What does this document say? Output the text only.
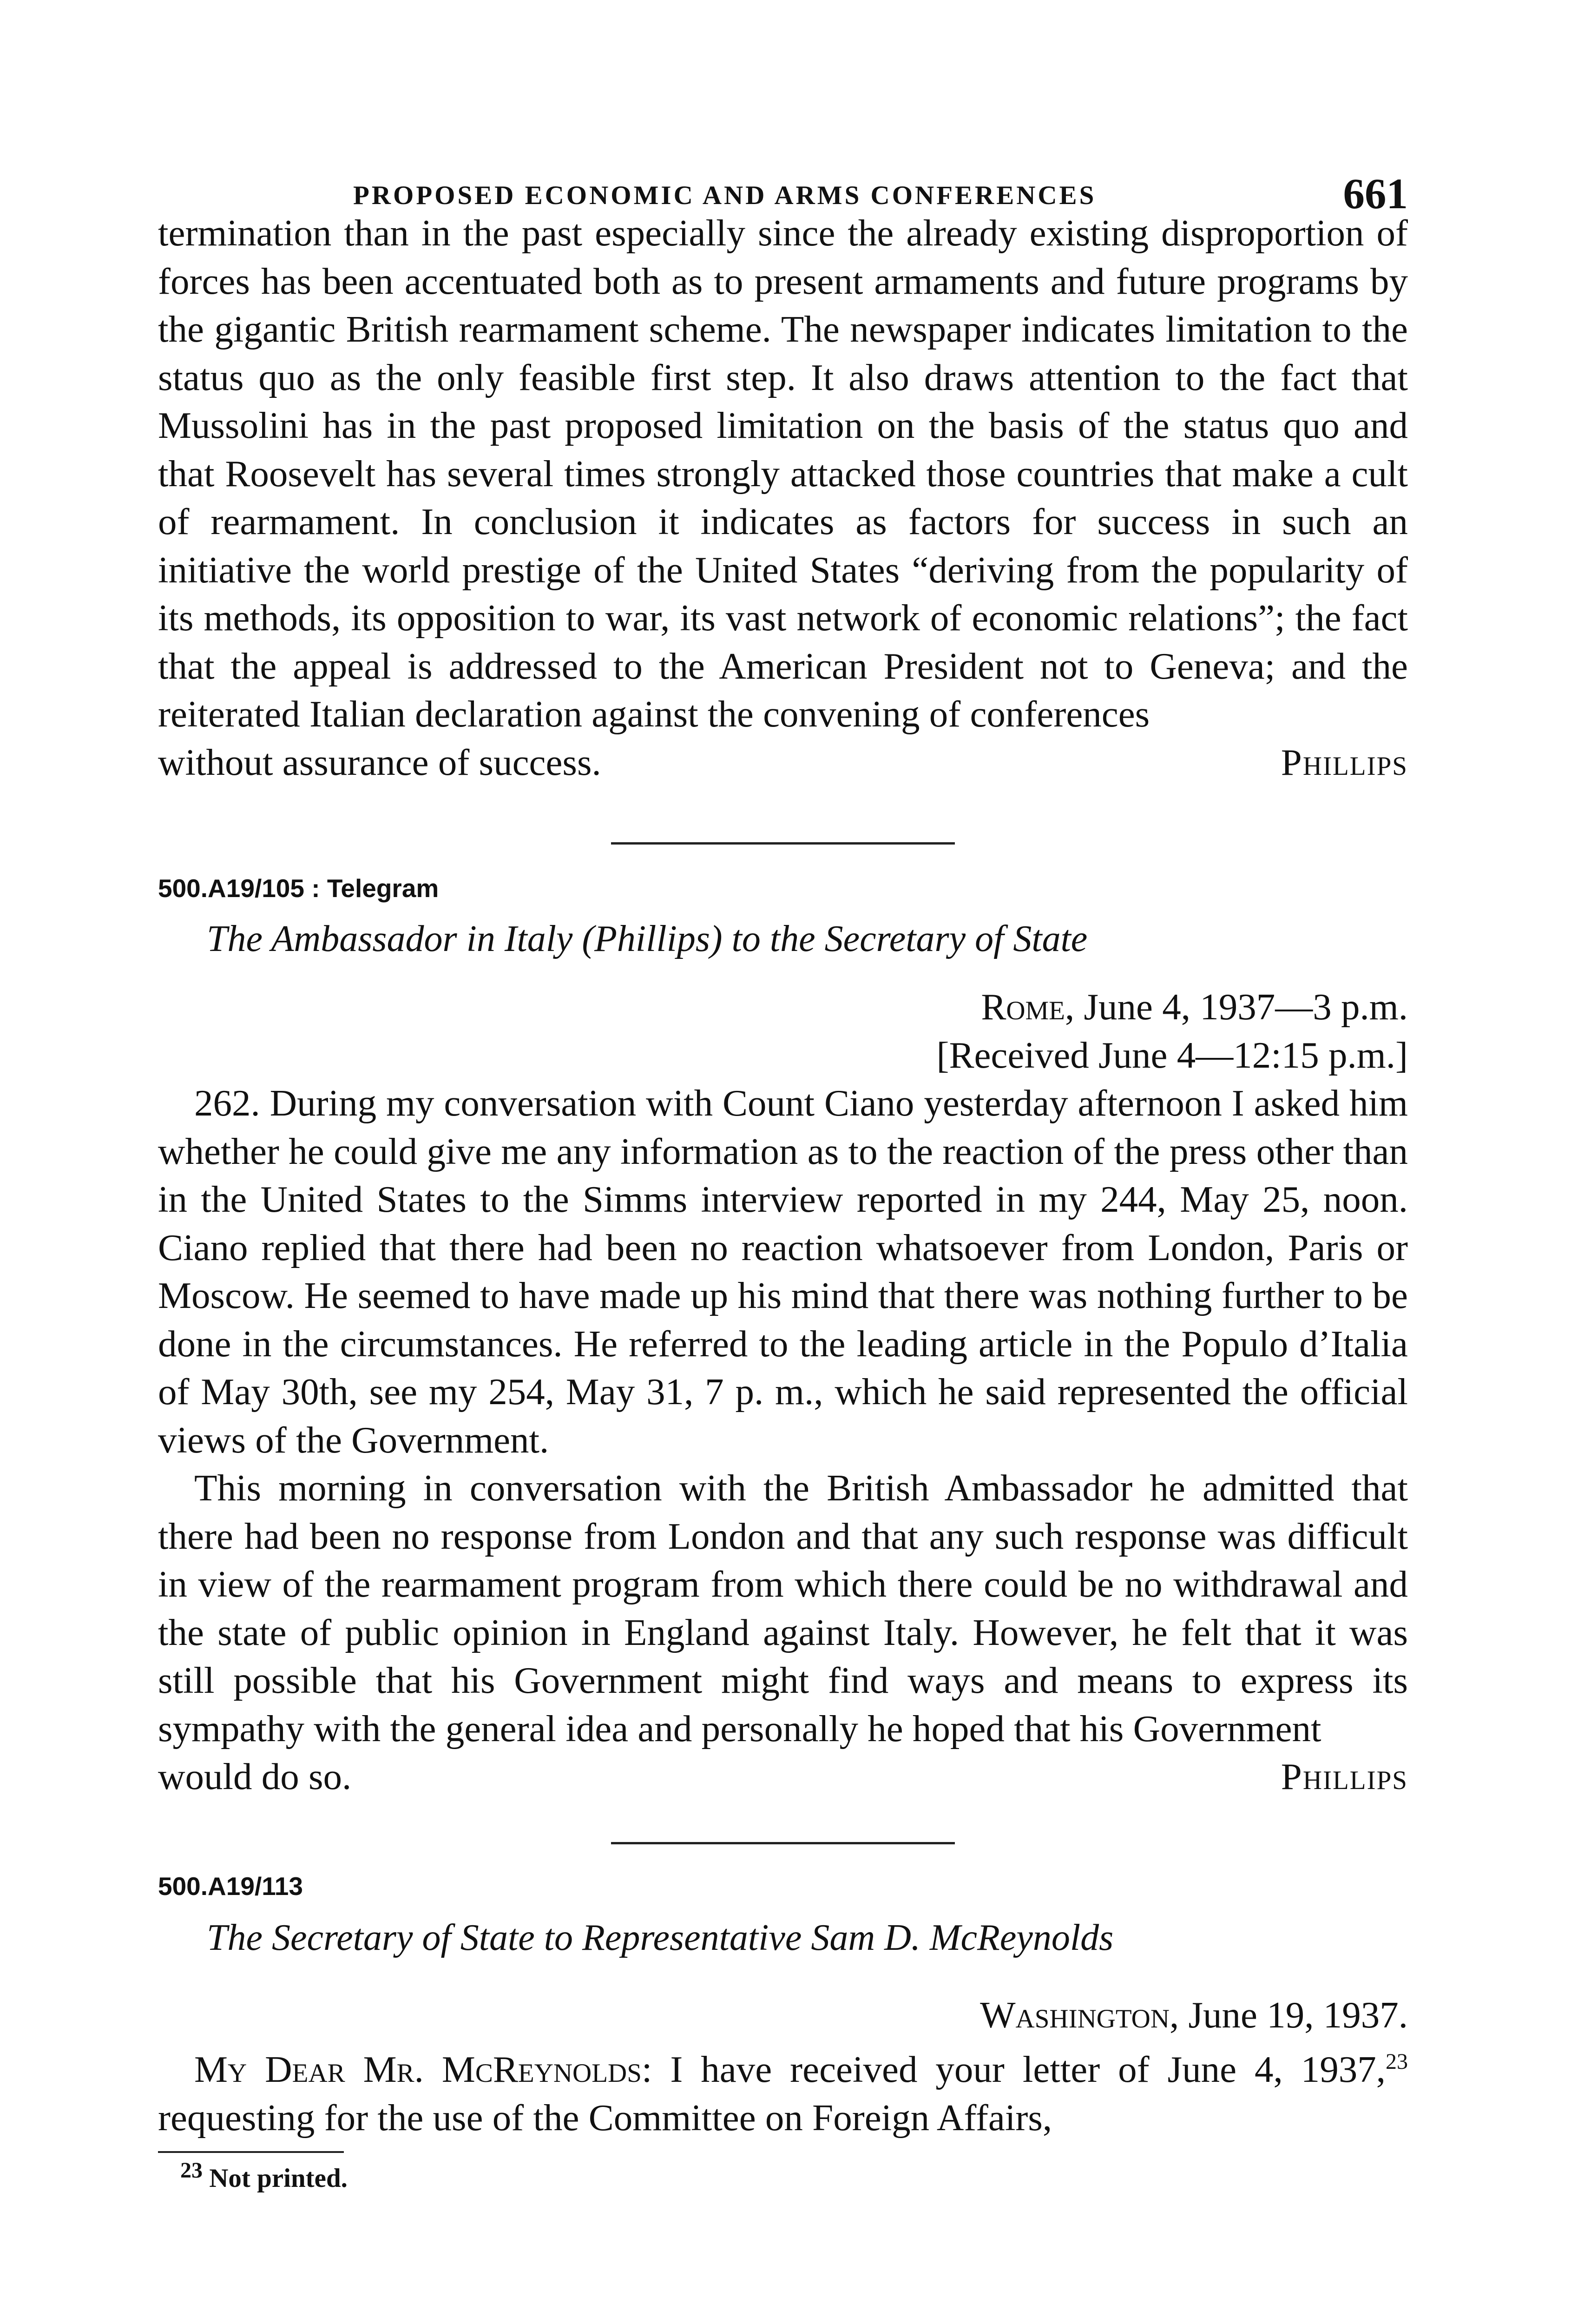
PROPOSED ECONOMIC AND ARMS CONFERENCES	661

termination than in the past especially since the already existing disproportion of forces has been accentuated both as to present armaments and future programs by the gigantic British rearmament scheme. The newspaper indicates limitation to the status quo as the only feasible first step. It also draws attention to the fact that Mussolini has in the past proposed limitation on the basis of the status quo and that Roosevelt has several times strongly attacked those countries that make a cult of rearmament. In conclusion it indicates as factors for success in such an initiative the world prestige of the United States “deriving from the popularity of its methods, its opposition to war, its vast network of economic relations”; the fact that the appeal is addressed to the American President not to Geneva; and the reiterated Italian declaration against the convening of conferences

without assurance of success.	Phillips

500.A19/105 : Telegram

The Ambassador in Italy (Phillips) to the Secretary of State

Rome, June 4, 1937—3 p.m.

[Received June 4—12:15 p.m.]

262. During my conversation with Count Ciano yesterday afternoon I asked him whether he could give me any information as to the reaction of the press other than in the United States to the Simms interview reported in my 244, May 25, noon. Ciano replied that there had been no reaction whatsoever from London, Paris or Moscow. He seemed to have made up his mind that there was nothing further to be done in the circumstances. He referred to the leading article in the Populo d’Italia of May 30th, see my 254, May 31, 7 p. m., which he said represented the official views of the Government.

This morning in conversation with the British Ambassador he admitted that there had been no response from London and that any such response was difficult in view of the rearmament program from which there could be no withdrawal and the state of public opinion in England against Italy. However, he felt that it was still possible that his Government might find ways and means to express its sympathy with the general idea and personally he hoped that his Government

would do so.	Phillips

500.A19/113

The Secretary of State to Representative Sam D. McReynolds

Washington, June 19, 1937.

My Dear Mr. McReynolds: I have received your letter of June 4, 1937,23 requesting for the use of the Committee on Foreign Affairs,

$^{23}$ Not printed.
